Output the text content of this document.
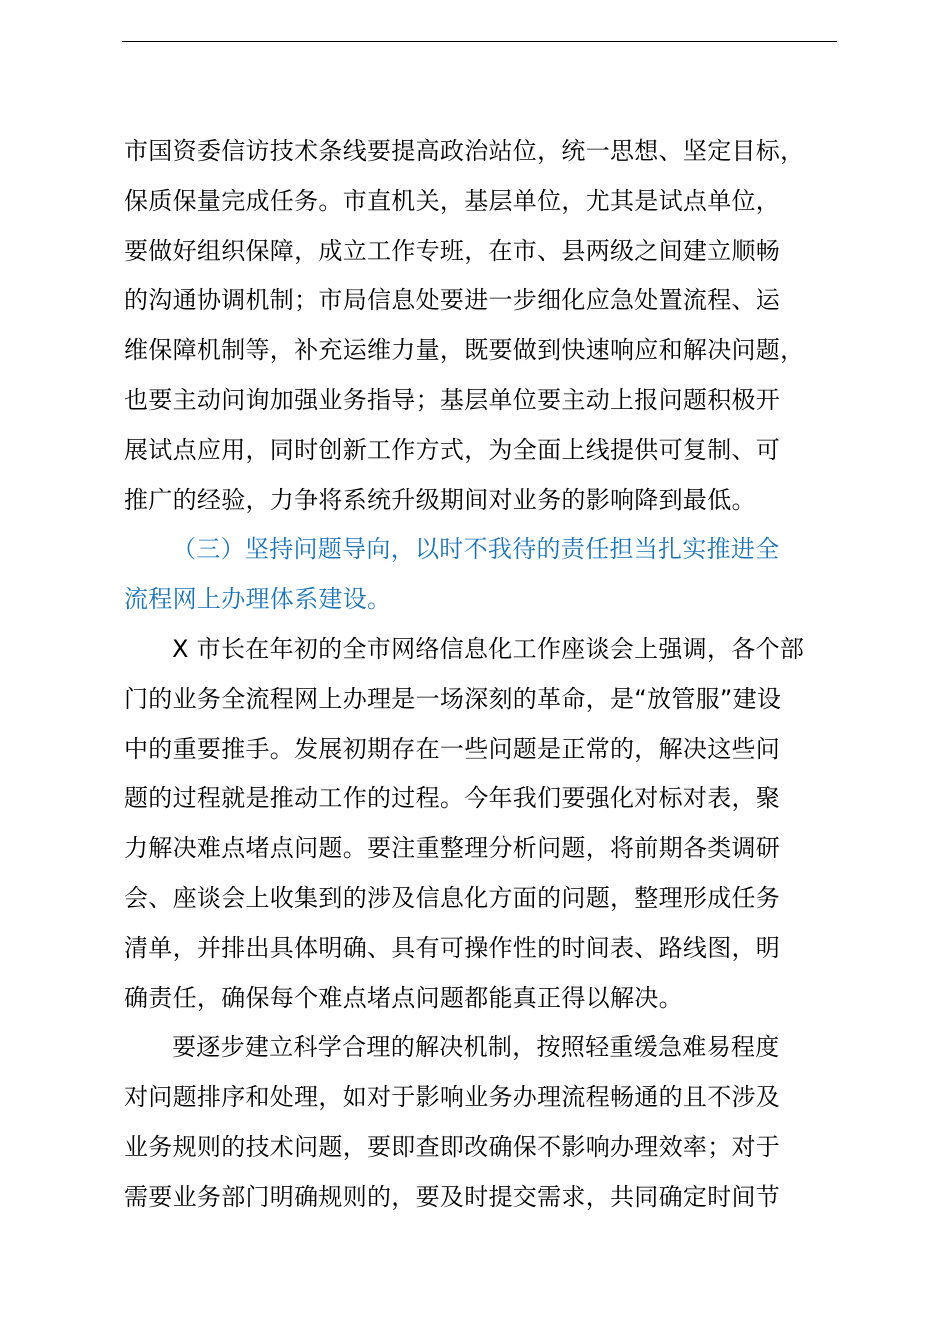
市国资委信访技术条线要提高政治站位，统一思想、坚定目标，
保质保量完成任务。市直机关，基层单位，尤其是试点单位，
要做好组织保障，成立工作专班，在市、县两级之间建立顺畅
的沟通协调机制；市局信息处要进一步细化应急处置流程、运
维保障机制等，补充运维力量，既要做到快速响应和解决问题，
也要主动问询加强业务指导；基层单位要主动上报问题积极开
展试点应用，同时创新工作方式，为全面上线提供可复制、可
推广的经验，力争将系统升级期间对业务的影响降到最低。
（三）坚持问题导向，以时不我待的责任担当扎实推进全
流程网上办理体系建设。
X 市长在年初的全市网络信息化工作座谈会上强调，各个部
门的业务全流程网上办理是一场深刻的革命，是“放管服”建设
中的重要推手。发展初期存在一些问题是正常的，解决这些问
题的过程就是推动工作的过程。今年我们要强化对标对表，聚
力解决难点堵点问题。要注重整理分析问题，将前期各类调研
会、座谈会上收集到的涉及信息化方面的问题，整理形成任务
清单，并排出具体明确、具有可操作性的时间表、路线图，明
确责任，确保每个难点堵点问题都能真正得以解决。
要逐步建立科学合理的解决机制，按照轻重缓急难易程度
对问题排序和处理，如对于影响业务办理流程畅通的且不涉及
业务规则的技术问题，要即查即改确保不影响办理效率；对于
需要业务部门明确规则的，要及时提交需求，共同确定时间节
